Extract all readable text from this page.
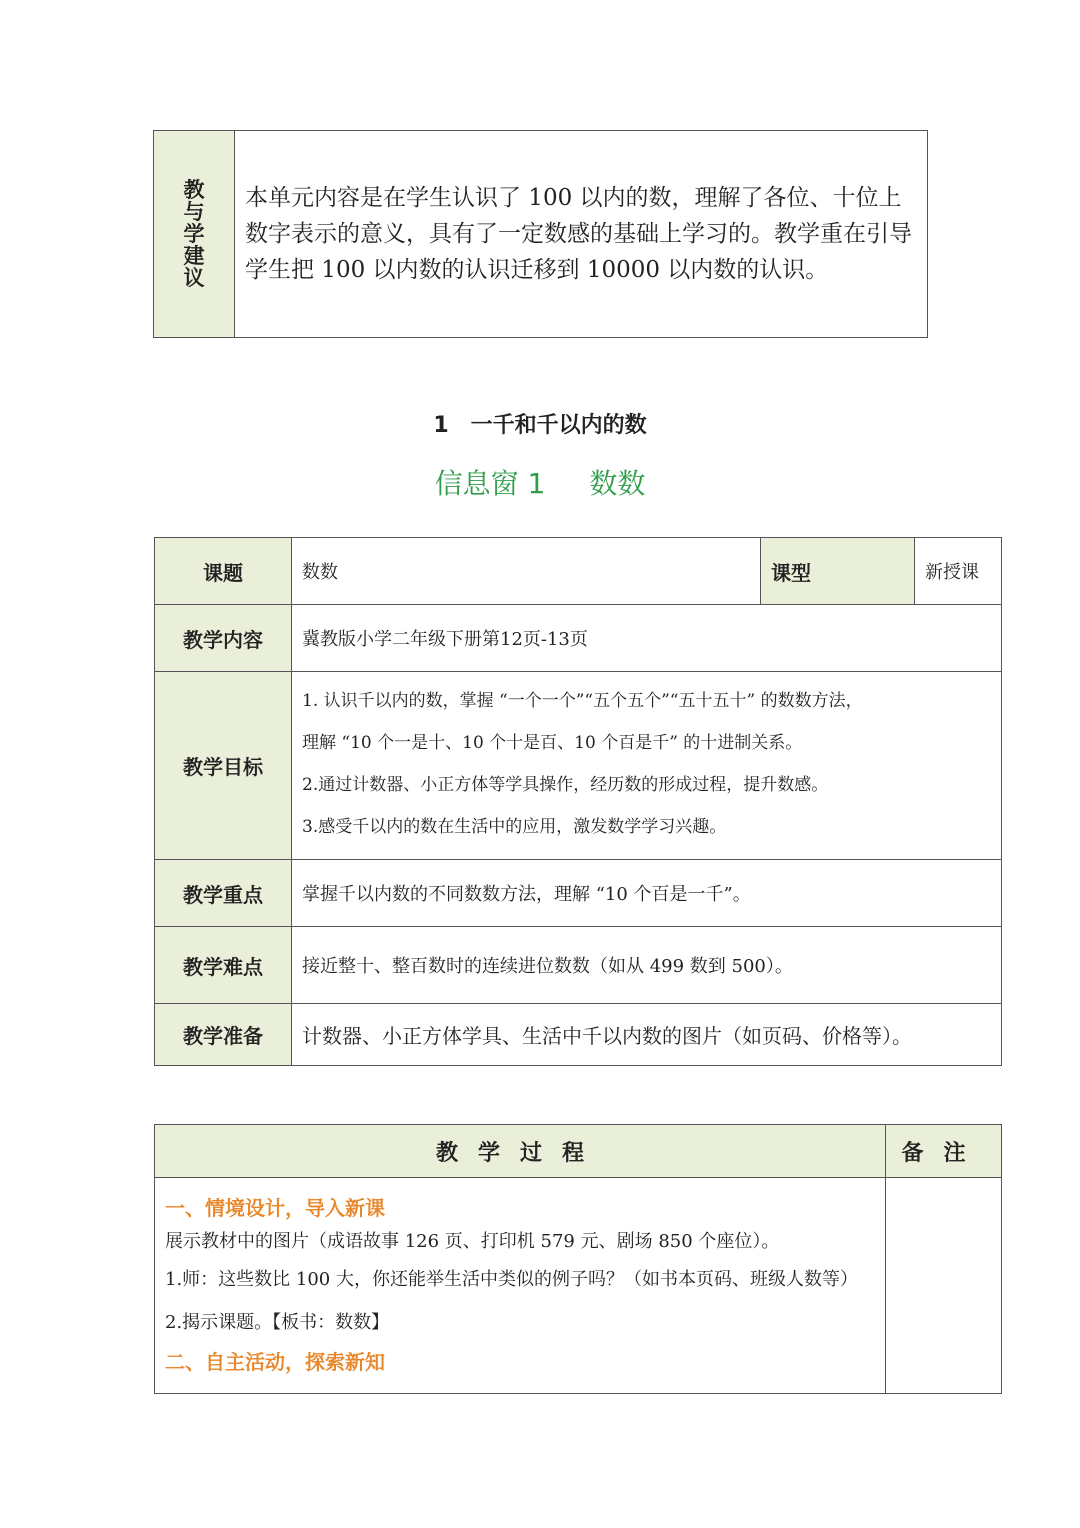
教与学建议	本单元内容是在学生认识了 100 以内的数，理解了各位、十位上数字表示的意义，具有了一定数感的基础上学习的。教学重在引导学生把 100 以内数的认识迁移到 10000 以内数的认识。
1 一千和千以内的数
信息窗 1 数数
课题	数数	课型	新授课
教学内容	冀教版小学二年级下册第12页-13页		
教学目标	1. 认识千以内的数，掌握 “一个一个”“五个五个”“五十五十” 的数数方法，
理解 “10 个一是十、10 个十是百、10 个百是千” 的十进制关系。
2.通过计数器、小正方体等学具操作，经历数的形成过程，提升数感。
3.感受千以内的数在生活中的应用，激发数学学习兴趣。		

教学重点	掌握千以内数的不同数数方法，理解 “10 个百是一千”。		
教学难点	接近整十、整百数时的连续进位数数（如从 499 数到 500）。		
教学准备	计数器、小正方体学具、生活中千以内数的图片（如页码、价格等）。		
教学过程	备注

一、情境设计，导入新课
展示教材中的图片（成语故事 126 页、打印机 579 元、剧场 850 个座位）。
1.师：这些数比 100 大，你还能举生活中类似的例子吗？（如书本页码、班级人数等）
2.揭示课题。【板书：数数】
二、自主活动，探索新知	
